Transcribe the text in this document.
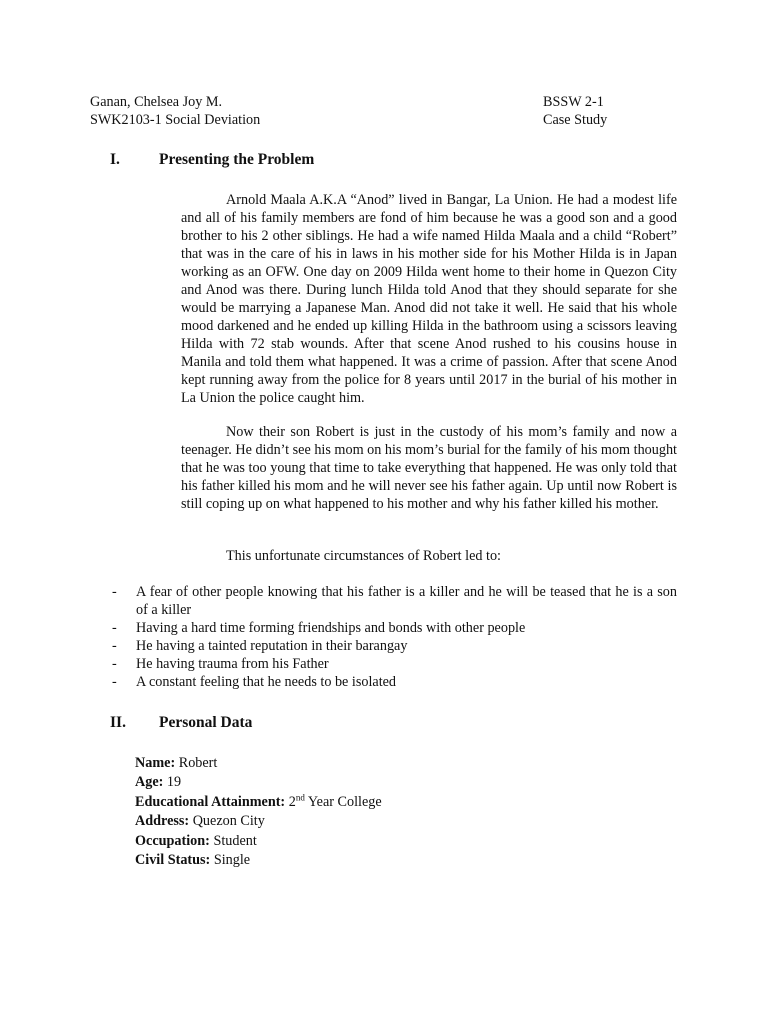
Ganan, Chelsea Joy M.	BSSW 2-1
SWK2103-1 Social Deviation	Case Study
I.	Presenting the Problem

Arnold Maala A.K.A “Anod” lived in Bangar, La Union. He had a modest life and all of his family members are fond of him because he was a good son and a good brother to his 2 other siblings. He had a wife named Hilda Maala and a child “Robert” that was in the care of his in laws in his mother side for his Mother Hilda is in Japan working as an OFW. One day on 2009 Hilda went home to their home in Quezon City and Anod was there. During lunch Hilda told Anod that they should separate for she would be marrying a Japanese Man. Anod did not take it well. He said that his whole mood darkened and he ended up killing Hilda in the bathroom using a scissors leaving Hilda with 72 stab wounds. After that scene Anod rushed to his cousins house in Manila and told them what happened. It was a crime of passion. After that scene Anod kept running away from the police for 8 years until 2017 in the burial of his mother in La Union the police caught him.

Now their son Robert is just in the custody of his mom’s family and now a teenager. He didn’t see his mom on his mom’s burial for the family of his mom thought that he was too young that time to take everything that happened. He was only told that his father killed his mom and he will never see his father again. Up until now Robert is still coping up on what happened to his mother and why his father killed his mother.

This unfortunate circumstances of Robert led to:
- A fear of other people knowing that his father is a killer and he will be teased that he is a son of a killer
- Having a hard time forming friendships and bonds with other people
- He having a tainted reputation in their barangay
- He having trauma from his Father
- A constant feeling that he needs to be isolated
II. Personal Data
Name: Robert
Age: 19
Educational Attainment: 2nd Year College
Address: Quezon City
Occupation: Student
Civil Status: Single
